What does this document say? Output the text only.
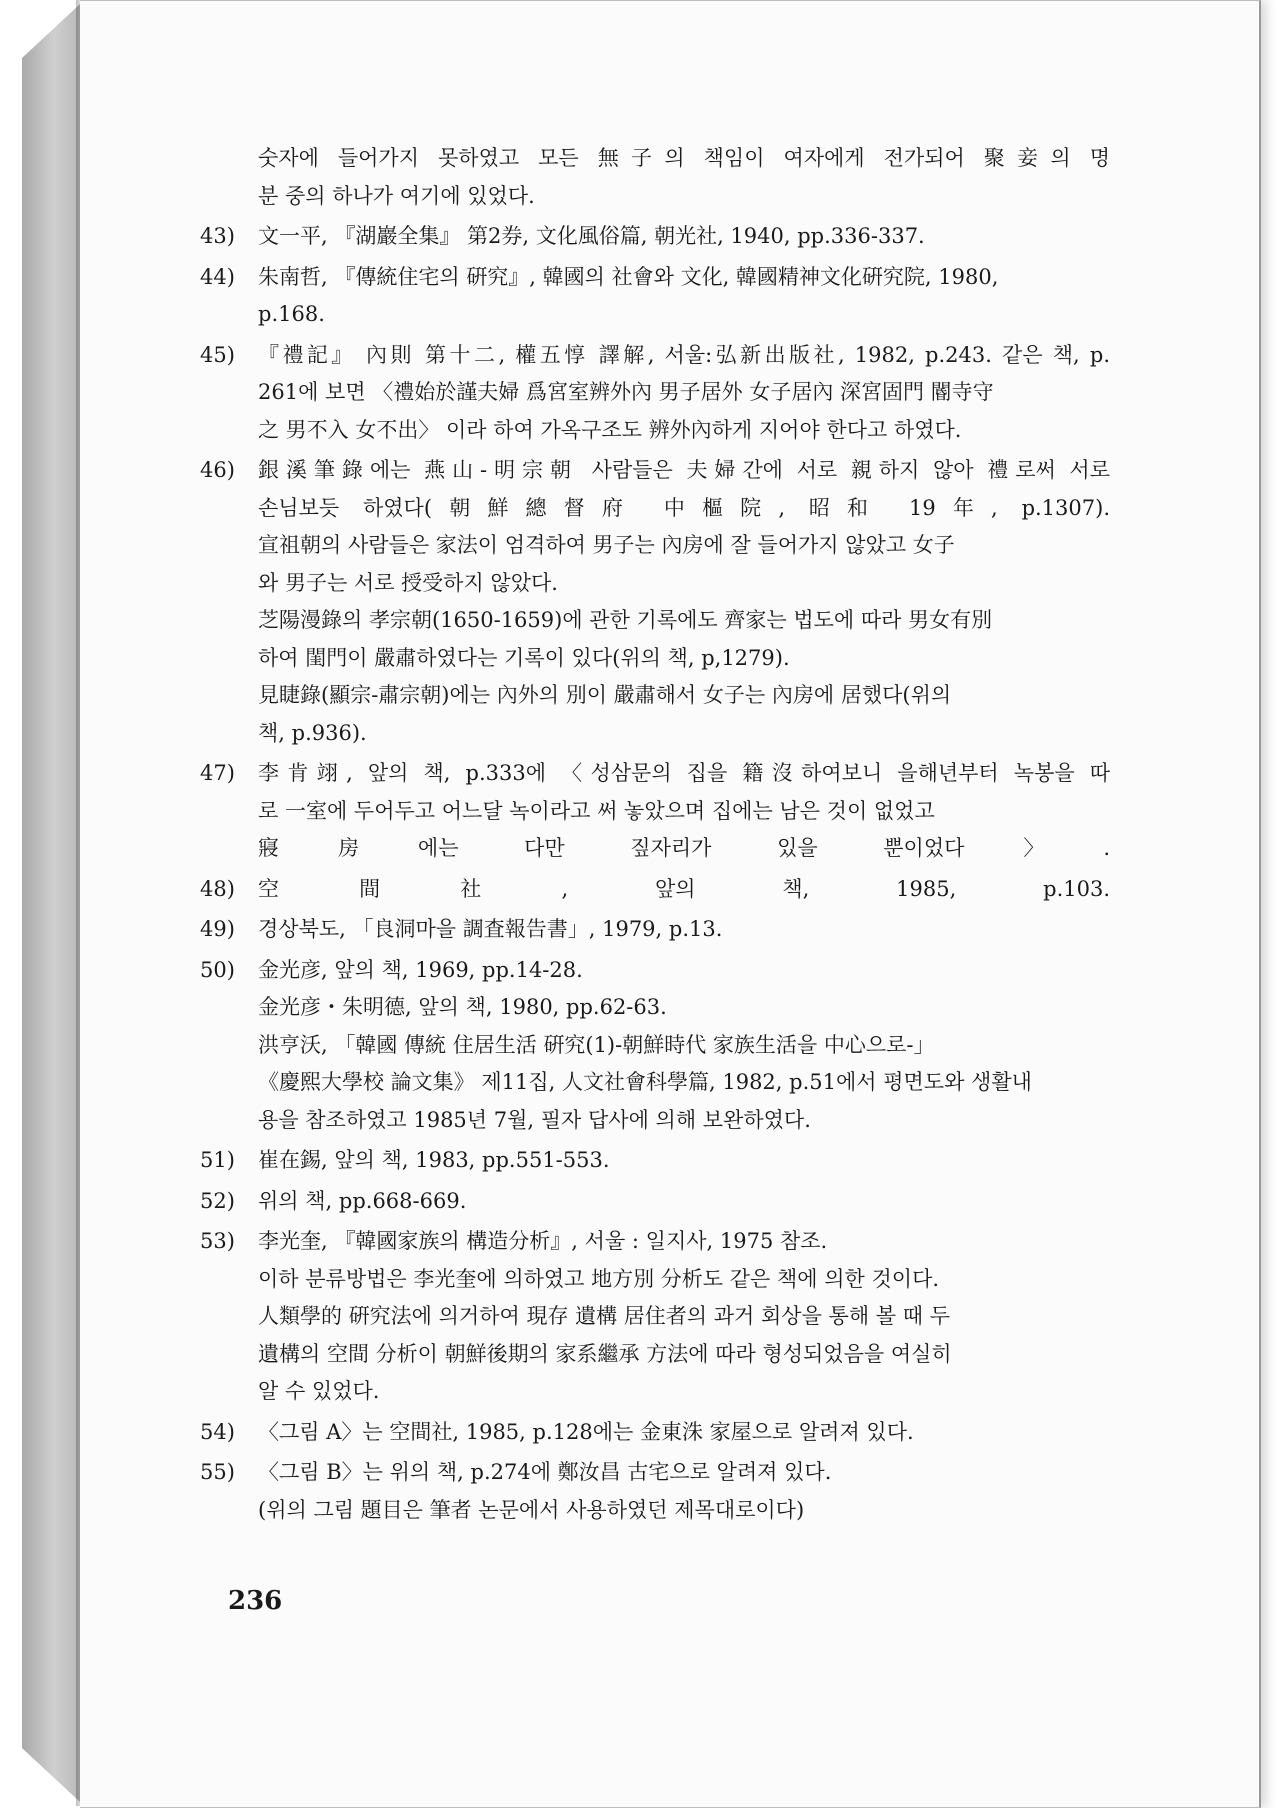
숫자에 들어가지 못하였고 모든 無子의 책임이 여자에게 전가되어 聚妾의 명
분 중의 하나가 여기에 있었다.
43)	文一平, 『湖巖全集』 第2券, 文化風俗篇, 朝光社, 1940, pp.336-337.
44)	朱南哲, 『傳統住宅의 硏究』, 韓國의 社會와 文化, 韓國精神文化硏究院, 1980,
p.168.
45)	『禮記』 內則 第十二, 權五惇 譯解, 서울:弘新出版社, 1982, p.243. 같은 책, p.
261에 보면 〈禮始於謹夫婦 爲宮室辨外內 男子居外 女子居內 深宮固門 閽寺守
之 男不入 女不出〉 이라 하여 가옥구조도 辨外內하게 지어야 한다고 하였다.
46)	銀溪筆錄에는 燕山-明宗朝 사람들은 夫婦간에 서로 親하지 않아 禮로써 서로
손님보듯 하였다(朝鮮總督府 中樞院, 昭和 19年, p.1307).
宣祖朝의 사람들은 家法이 엄격하여 男子는 內房에 잘 들어가지 않았고 女子
와 男子는 서로 授受하지 않았다.
芝陽漫錄의 孝宗朝(1650-1659)에 관한 기록에도 齊家는 법도에 따라 男女有別
하여 閨門이 嚴肅하였다는 기록이 있다(위의 책, p,1279).
見睫錄(顯宗-肅宗朝)에는 內外의 別이 嚴肅해서 女子는 內房에 居했다(위의
책, p.936).
47)	李肯翊, 앞의 책, p.333에 〈성삼문의 집을 籍沒하여보니 을해년부터 녹봉을 따
로 一室에 두어두고 어느달 녹이라고 써 놓았으며 집에는 남은 것이 없었고
寢房에는 다만 짚자리가 있을 뿐이었다〉.
48)	空間社, 앞의 책, 1985, p.103.
49)	경상북도, 「良洞마을 調査報告書」, 1979, p.13.
50)	金光彦, 앞의 책, 1969, pp.14-28.
金光彦・朱明德, 앞의 책, 1980, pp.62-63.
洪亨沃, 「韓國 傳統 住居生活 硏究(1)-朝鮮時代 家族生活을 中心으로-」
《慶熙大學校 論文集》 제11집, 人文社會科學篇, 1982, p.51에서 평면도와 생활내
용을 참조하였고 1985년 7월, 필자 답사에 의해 보완하였다.
51)	崔在錫, 앞의 책, 1983, pp.551-553.
52)	위의 책, pp.668-669.
53)	李光奎, 『韓國家族의 構造分析』, 서울 : 일지사, 1975 참조.
이하 분류방법은 李光奎에 의하였고 地方別 分析도 같은 책에 의한 것이다.
人類學的 硏究法에 의거하여 現存 遺構 居住者의 과거 회상을 통해 볼 때 두
遺構의 空間 分析이 朝鮮後期의 家系繼承 方法에 따라 형성되었음을 여실히
알 수 있었다.
54)	〈그림 A〉는 空間社, 1985, p.128에는 金東洙 家屋으로 알려져 있다.
55)	〈그림 B〉는 위의 책, p.274에 鄭汝昌 古宅으로 알려져 있다.
(위의 그림 題目은 筆者 논문에서 사용하였던 제목대로이다)
236
